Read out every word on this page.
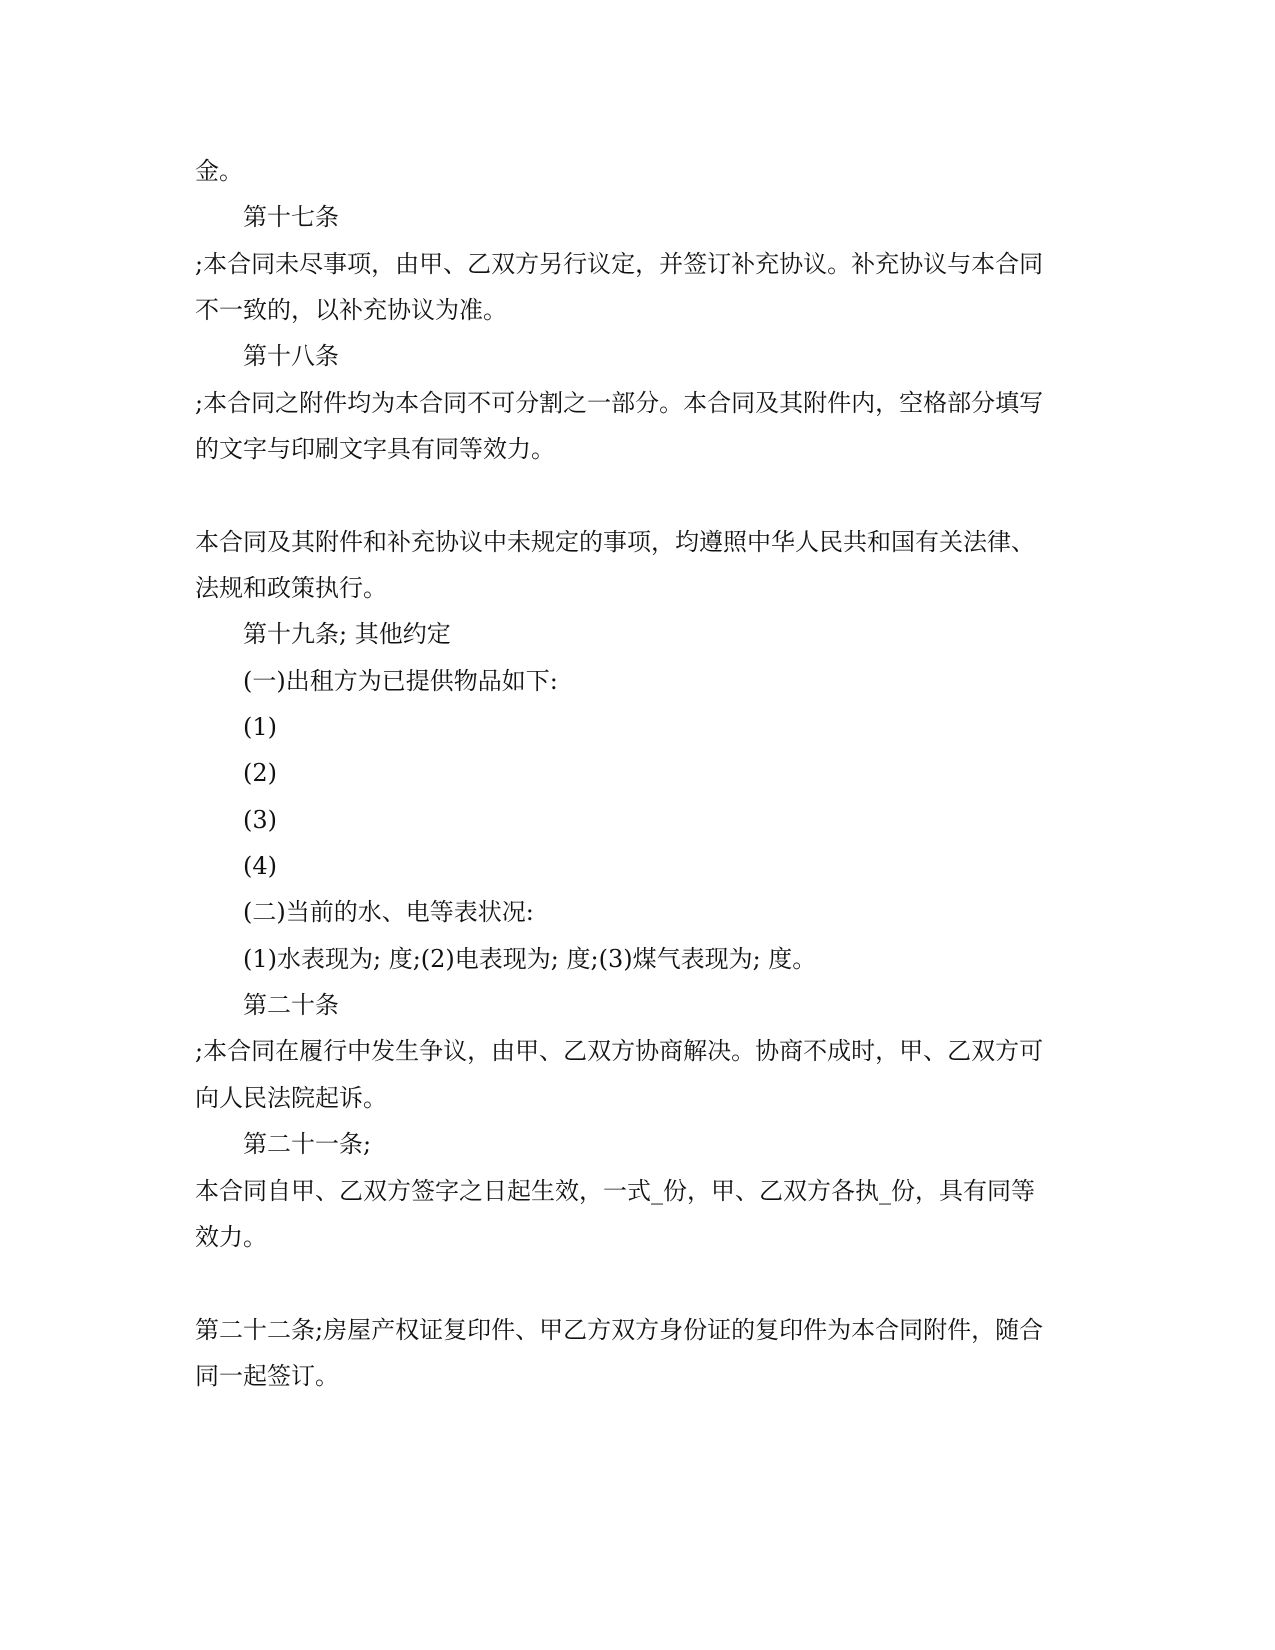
金。
第十七条
;本合同未尽事项，由甲、乙双方另行议定，并签订补充协议。补充协议与本合同
不一致的，以补充协议为准。
第十八条
;本合同之附件均为本合同不可分割之一部分。本合同及其附件内，空格部分填写
的文字与印刷文字具有同等效力。
本合同及其附件和补充协议中未规定的事项，均遵照中华人民共和国有关法律、
法规和政策执行。
第十九条; 其他约定
(一)出租方为已提供物品如下:
(1)
(2)
(3)
(4)
(二)当前的水、电等表状况:
(1)水表现为; 度;(2)电表现为; 度;(3)煤气表现为; 度。
第二十条
;本合同在履行中发生争议，由甲、乙双方协商解决。协商不成时，甲、乙双方可
向人民法院起诉。
第二十一条;
本合同自甲、乙双方签字之日起生效，一式_份，甲、乙双方各执_份，具有同等
效力。
第二十二条;房屋产权证复印件、甲乙方双方身份证的复印件为本合同附件，随合
同一起签订。
